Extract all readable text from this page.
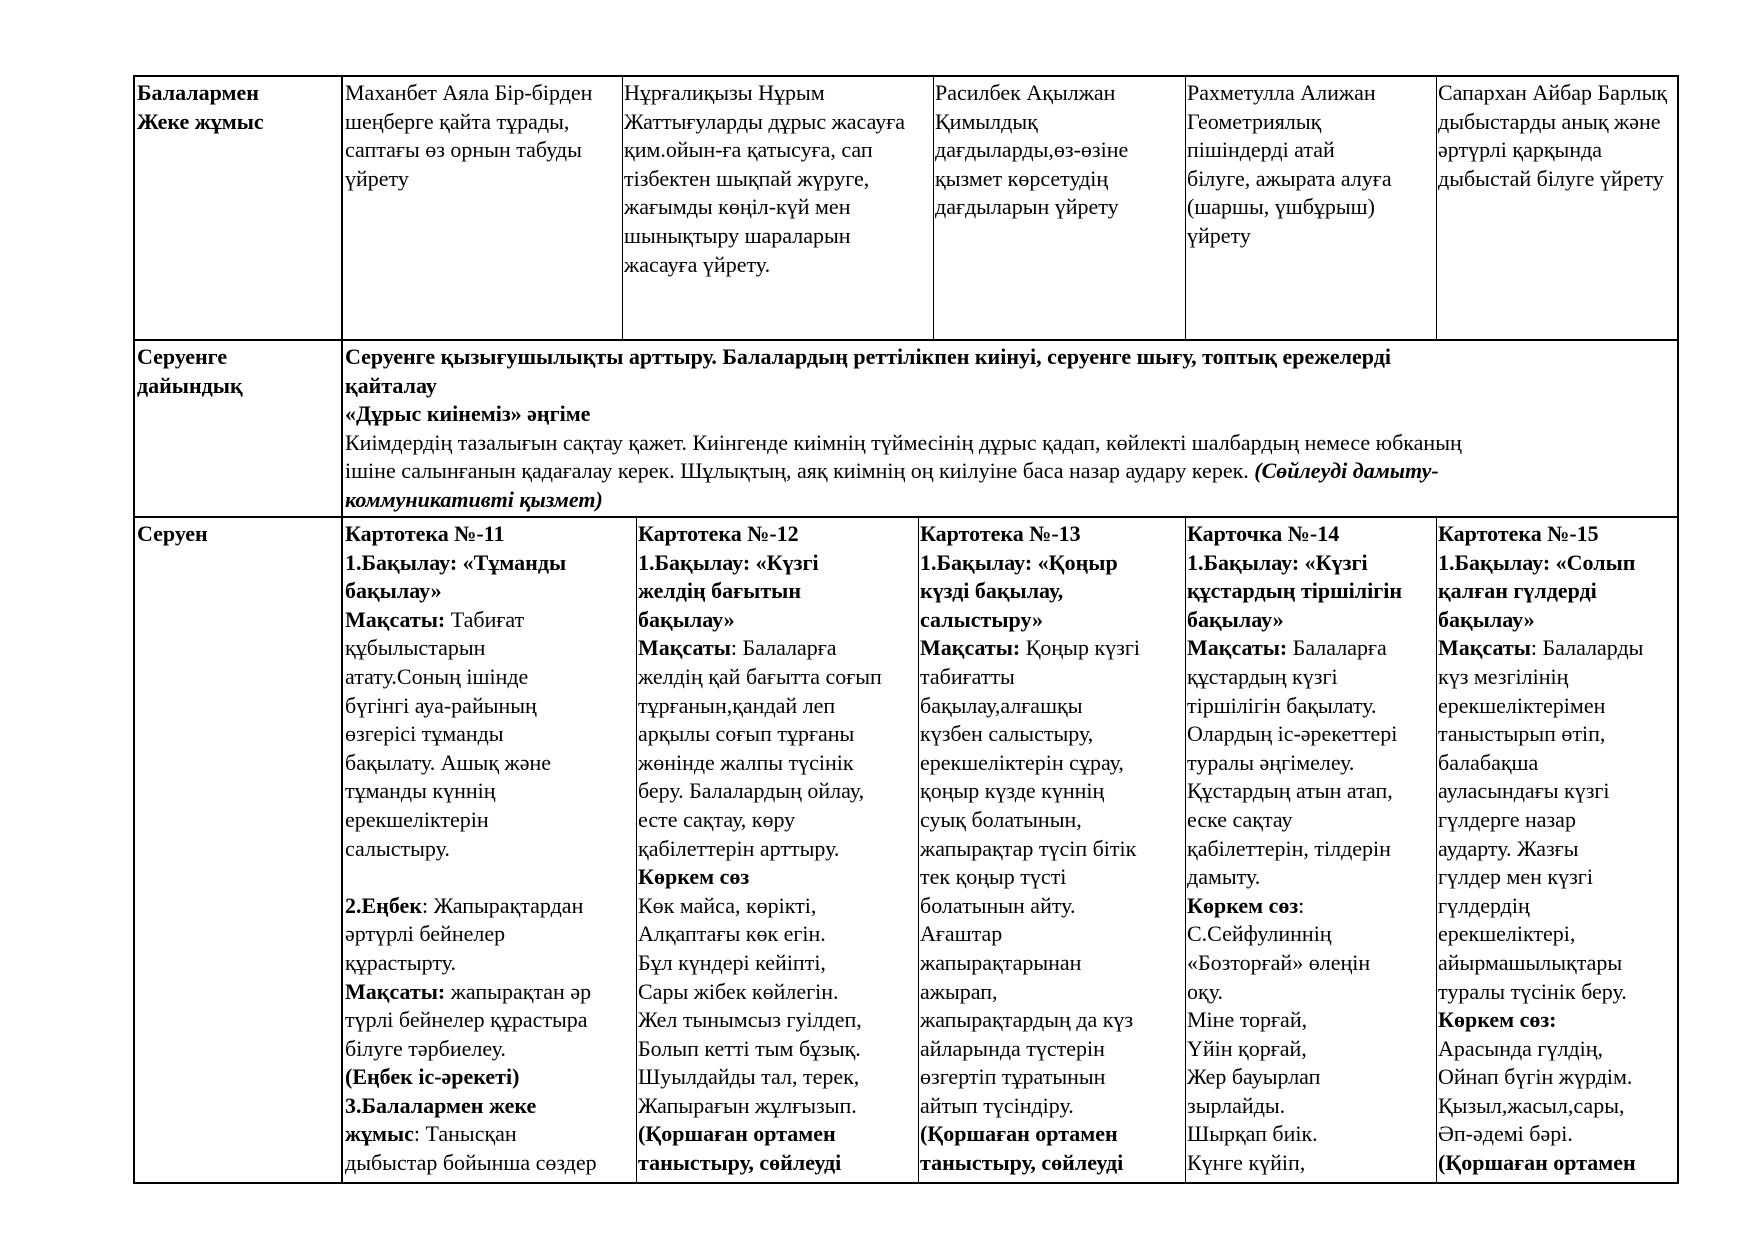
Балалармен

Жеке жұмыс

Маханбет Аяла Бір-бірден

шеңберге қайта тұрады,

саптағы өз орнын табуды

үйрету

Нұрғалиқызы Нұрым

Жаттығуларды дұрыс жасауға

қим.ойын-ға қатысуға, сап

тізбектен шықпай жүруге,

жағымды көңіл-күй мен

шынықтыру шараларын

жасауға үйрету.

Расилбек Ақылжан

Қимылдық

дағдыларды,өз-өзіне

қызмет көрсетудің

дағдыларын үйрету

Рахметулла Алижан

Геометриялық

пішіндерді атай

білуге, ажырата алуға

(шаршы, үшбұрыш)

үйрету

Сапархан Айбар Барлық

дыбыстарды анық және

әртүрлі қарқында

дыбыстай білуге үйрету

Серуенге

дайындық

Серуенге қызығушылықты арттыру. Балалардың реттілікпен киінуі, серуенге шығу, топтық ережелерді

қайталау

«Дұрыс киінеміз» әңгіме

Киімдердің тазалығын сақтау қажет. Киінгенде киімнің түймесінің дұрыс қадап, көйлекті шалбардың немесе юбканың

ішіне салынғанын қадағалау керек. Шұлықтың, аяқ киімнің оң киілуіне баса назар аудару керек. (Сөйлеуді дамыту-

коммуникативті қызмет)

Серуен	Картотека №-11

1.Бақылау: «Тұманды

бақылау»

Мақсаты: Табиғат

құбылыстарын

атату.Соның ішінде

бүгінгі ауа-райының

өзгерісі тұманды

бақылату. Ашық және

тұманды күннің

ерекшеліктерін

салыстыру.

2.Еңбек: Жапырақтардан

әртүрлі бейнелер

құрастырту.

Мақсаты: жапырақтан әр

түрлі бейнелер құрастыра

білуге тәрбиелеу.

(Еңбек іс-әрекеті)

3.Балалармен жеке

жұмыс: Танысқан

дыбыстар бойынша сөздер

Картотека №-12

1.Бақылау: «Күзгі

желдің бағытын

бақылау»

Мақсаты: Балаларға

желдің қай бағытта соғып

тұрғанын,қандай леп

арқылы соғып тұрғаны

жөнінде жалпы түсінік

беру. Балалардың ойлау,

есте сақтау, көру

қабілеттерін арттыру.

Көркем сөз

Көк майса, көрікті,

Алқаптағы көк егін.

Бұл күндері кейіпті,

Сары жібек көйлегін.

Жел тынымсыз гуілдеп,

Болып кетті тым бұзық.

Шуылдайды тал, терек,

Жапырағын жұлғызып.

(Қоршаған ортамен

таныстыру, сөйлеуді

Картотека №-13

1.Бақылау: «Қоңыр

күзді бақылау,

салыстыру»

Мақсаты: Қоңыр күзгі

табиғатты

бақылау,алғашқы

күзбен салыстыру,

ерекшеліктерін сұрау,

қоңыр күзде күннің

суық болатынын,

жапырақтар түсіп бітік

тек қоңыр түсті

болатынын айту.

Ағаштар

жапырақтарынан

ажырап,

жапырақтардың да күз

айларында түстерін

өзгертіп тұратынын

айтып түсіндіру.

(Қоршаған ортамен

таныстыру, сөйлеуді

Карточка №-14

1.Бақылау: «Күзгі

құстардың тіршілігін

бақылау»

Мақсаты: Балаларға

құстардың күзгі

тіршілігін бақылату.

Олардың іс-әрекеттері

туралы әңгімелеу.

Құстардың атын атап,

еске сақтау

қабілеттерін, тілдерін

дамыту.

Көркем сөз:

С.Сейфулиннің

«Бозторғай» өлеңін

оқу.

Міне торғай,

Үйін қорғай,

Жер бауырлап

зырлайды.

Шырқап биік.

Күнге күйіп,

Картотека №-15

1.Бақылау: «Солып

қалған гүлдерді

бақылау»

Мақсаты: Балаларды

күз мезгілінің

ерекшеліктерімен

таныстырып өтіп,

балабақша

ауласындағы күзгі

гүлдерге назар

аударту. Жазғы

гүлдер мен күзгі

гүлдердің

ерекшеліктері,

айырмашылықтары

туралы түсінік беру.

Көркем сөз:

Арасында гүлдің,

Ойнап бүгін жүрдім.

Қызыл,жасыл,сары,

Әп-әдемі бәрі.

(Қоршаған ортамен
